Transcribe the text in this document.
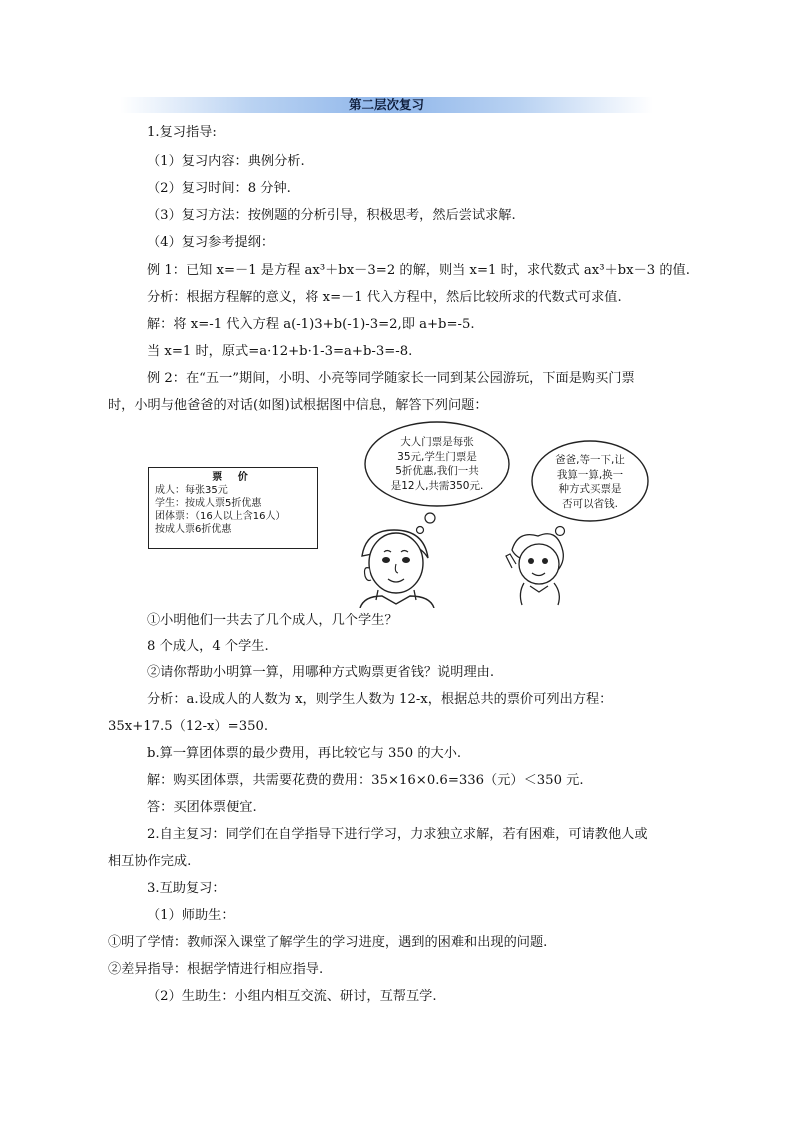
第二层次复习
1.复习指导:
（1）复习内容：典例分析.
（2）复习时间：8 分钟.
（3）复习方法：按例题的分析引导，积极思考，然后尝试求解.
（4）复习参考提纲：
例 1：已知 x=－1 是方程 ax³＋bx－3=2 的解，则当 x=1 时，求代数式 ax³＋bx－3 的值.
分析：根据方程解的意义，将 x=－1 代入方程中，然后比较所求的代数式可求值.
解：将 x=-1 代入方程 a(-1)3+b(-1)-3=2,即 a+b=-5.
当 x=1 时，原式=a·12+b·1-3=a+b-3=-8.
例 2：在“五一”期间，小明、小亮等同学随家长一同到某公园游玩，下面是购买门票
时，小明与他爸爸的对话(如图)试根据图中信息，解答下列问题：
票 价
成人：每张35元
学生：按成人票5折优惠
团体票：（16人以上含16人）
按成人票6折优惠
大人门票是每张
35元,学生门票是
5折优惠,我们一共
是12人,共需350元.
爸爸,等一下,让
我算一算,换一
种方式买票是
否可以省钱.
①小明他们一共去了几个成人，几个学生？
8 个成人，4 个学生.
②请你帮助小明算一算，用哪种方式购票更省钱？说明理由.
分析：a.设成人的人数为 x，则学生人数为 12-x，根据总共的票价可列出方程：
35x+17.5（12-x）=350.
b.算一算团体票的最少费用，再比较它与 350 的大小.
解：购买团体票，共需要花费的费用：35×16×0.6=336（元）＜350 元.
答：买团体票便宜.
2.自主复习：同学们在自学指导下进行学习，力求独立求解，若有困难，可请教他人或
相互协作完成.
3.互助复习：
（1）师助生：
①明了学情：教师深入课堂了解学生的学习进度，遇到的困难和出现的问题.
②差异指导：根据学情进行相应指导.
（2）生助生：小组内相互交流、研讨，互帮互学.
